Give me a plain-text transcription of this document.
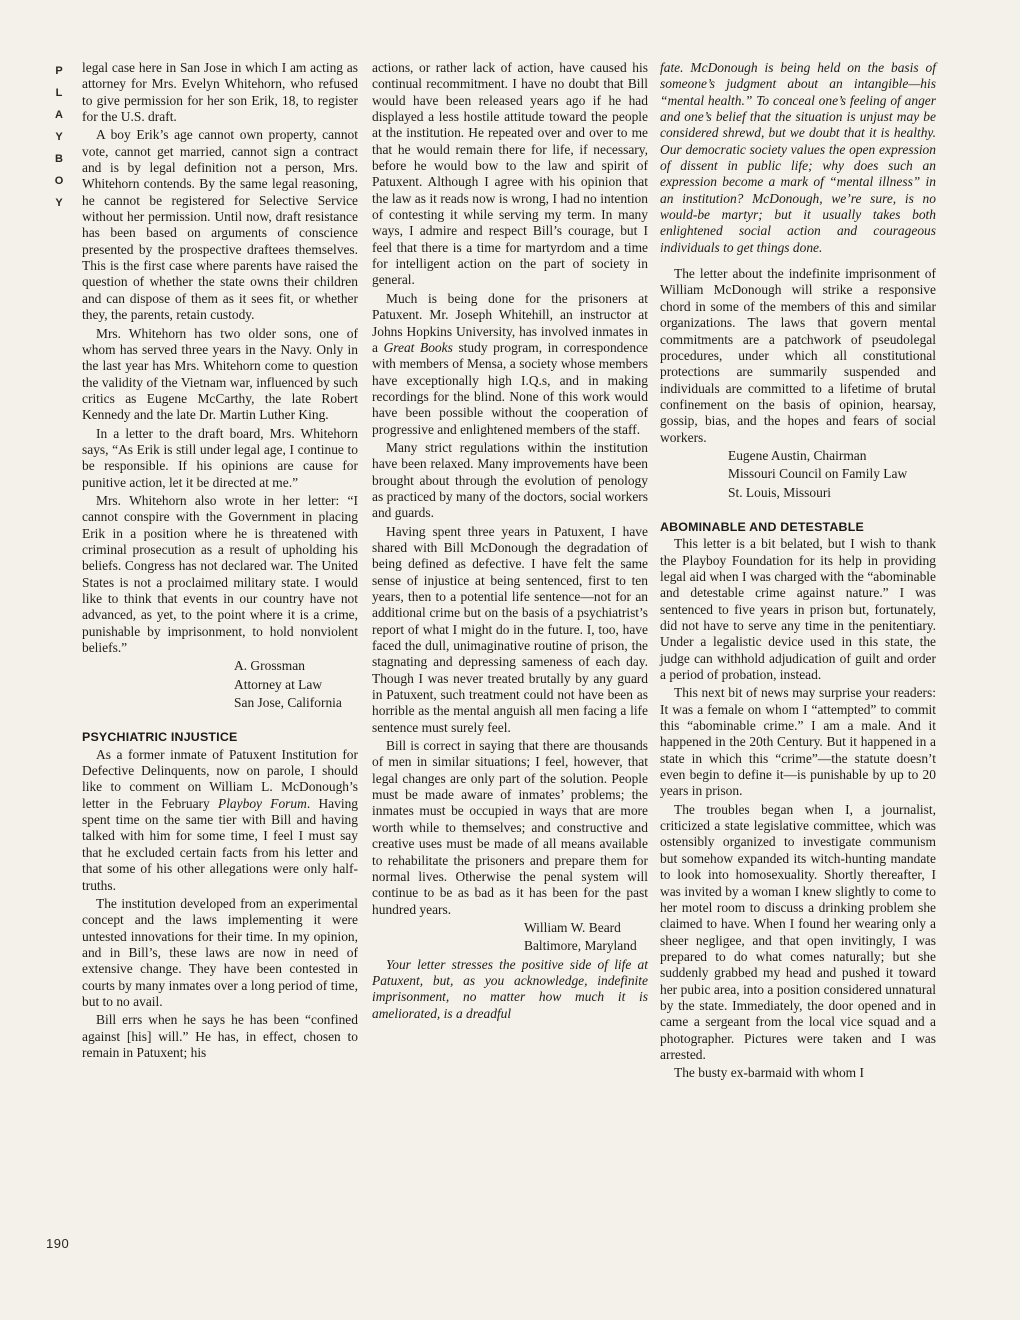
P
L
A
Y
B
O
Y
190

legal case here in San Jose in which I am acting as attorney for Mrs. Evelyn Whitehorn, who refused to give permission for her son Erik, 18, to register for the U.S. draft.

A boy Erik’s age cannot own property, cannot vote, cannot get married, cannot sign a contract and is by legal definition not a person, Mrs. Whitehorn contends. By the same legal reasoning, he cannot be registered for Selective Service without her permission. Until now, draft resistance has been based on arguments of conscience presented by the prospective draftees themselves. This is the first case where parents have raised the question of whether the state owns their children and can dispose of them as it sees fit, or whether they, the parents, retain custody.

Mrs. Whitehorn has two older sons, one of whom has served three years in the Navy. Only in the last year has Mrs. Whitehorn come to question the validity of the Vietnam war, influenced by such critics as Eugene McCarthy, the late Robert Kennedy and the late Dr. Martin Luther King.

In a letter to the draft board, Mrs. Whitehorn says, “As Erik is still under legal age, I continue to be responsible. If his opinions are cause for punitive action, let it be directed at me.”

Mrs. Whitehorn also wrote in her letter: “I cannot conspire with the Government in placing Erik in a position where he is threatened with criminal prosecution as a result of upholding his beliefs. Congress has not declared war. The United States is not a proclaimed military state. I would like to think that events in our country have not advanced, as yet, to the point where it is a crime, punishable by imprisonment, to hold nonviolent beliefs.”

A. Grossman

Attorney at Law

San Jose, California

PSYCHIATRIC INJUSTICE

As a former inmate of Patuxent Institution for Defective Delinquents, now on parole, I should like to comment on William L. McDonough’s letter in the February Playboy Forum. Having spent time on the same tier with Bill and having talked with him for some time, I feel I must say that he excluded certain facts from his letter and that some of his other allegations were only half-truths.

The institution developed from an experimental concept and the laws implementing it were untested innovations for their time. In my opinion, and in Bill’s, these laws are now in need of extensive change. They have been contested in courts by many inmates over a long period of time, but to no avail.

Bill errs when he says he has been “confined against [his] will.” He has, in effect, chosen to remain in Patuxent; his

actions, or rather lack of action, have caused his continual recommitment. I have no doubt that Bill would have been released years ago if he had displayed a less hostile attitude toward the people at the institution. He repeated over and over to me that he would remain there for life, if necessary, before he would bow to the law and spirit of Patuxent. Although I agree with his opinion that the law as it reads now is wrong, I had no intention of contesting it while serving my term. In many ways, I admire and respect Bill’s courage, but I feel that there is a time for martyrdom and a time for intelligent action on the part of society in general.

Much is being done for the prisoners at Patuxent. Mr. Joseph Whitehill, an instructor at Johns Hopkins University, has involved inmates in a Great Books study program, in correspondence with members of Mensa, a society whose members have exceptionally high I.Q.s, and in making recordings for the blind. None of this work would have been possible without the cooperation of progressive and enlightened members of the staff.

Many strict regulations within the institution have been relaxed. Many improvements have been brought about through the evolution of penology as practiced by many of the doctors, social workers and guards.

Having spent three years in Patuxent, I have shared with Bill McDonough the degradation of being defined as defective. I have felt the same sense of injustice at being sentenced, first to ten years, then to a potential life sentence—not for an additional crime but on the basis of a psychiatrist’s report of what I might do in the future. I, too, have faced the dull, unimaginative routine of prison, the stagnating and depressing sameness of each day. Though I was never treated brutally by any guard in Patuxent, such treatment could not have been as horrible as the mental anguish all men facing a life sentence must surely feel.

Bill is correct in saying that there are thousands of men in similar situations; I feel, however, that legal changes are only part of the solution. People must be made aware of inmates’ problems; the inmates must be occupied in ways that are more worth while to themselves; and constructive and creative uses must be made of all means available to rehabilitate the prisoners and prepare them for normal lives. Otherwise the penal system will continue to be as bad as it has been for the past hundred years.

William W. Beard

Baltimore, Maryland

Your letter stresses the positive side of life at Patuxent, but, as you acknowledge, indefinite imprisonment, no matter how much it is ameliorated, is a dreadful

fate. McDonough is being held on the basis of someone’s judgment about an intangible—his “mental health.” To conceal one’s feeling of anger and one’s belief that the situation is unjust may be considered shrewd, but we doubt that it is healthy. Our democratic society values the open expression of dissent in public life; why does such an expression become a mark of “mental illness” in an institution? McDonough, we’re sure, is no would-be martyr; but it usually takes both enlightened social action and courageous individuals to get things done.

The letter about the indefinite imprisonment of William McDonough will strike a responsive chord in some of the members of this and similar organizations. The laws that govern mental commitments are a patchwork of pseudolegal procedures, under which all constitutional protections are summarily suspended and individuals are committed to a lifetime of brutal confinement on the basis of opinion, hearsay, gossip, bias, and the hopes and fears of social workers.

Eugene Austin, Chairman

Missouri Council on Family Law

St. Louis, Missouri

ABOMINABLE AND DETESTABLE

This letter is a bit belated, but I wish to thank the Playboy Foundation for its help in providing legal aid when I was charged with the “abominable and detestable crime against nature.” I was sentenced to five years in prison but, fortunately, did not have to serve any time in the penitentiary. Under a legalistic device used in this state, the judge can withhold adjudication of guilt and order a period of probation, instead.

This next bit of news may surprise your readers: It was a female on whom I “attempted” to commit this “abominable crime.” I am a male. And it happened in the 20th Century. But it happened in a state in which this “crime”—the statute doesn’t even begin to define it—is punishable by up to 20 years in prison.

The troubles began when I, a journalist, criticized a state legislative committee, which was ostensibly organized to investigate communism but somehow expanded its witch-hunting mandate to look into homosexuality. Shortly thereafter, I was invited by a woman I knew slightly to come to her motel room to discuss a drinking problem she claimed to have. When I found her wearing only a sheer negligee, and that open invitingly, I was prepared to do what comes naturally; but she suddenly grabbed my head and pushed it toward her pubic area, into a position considered unnatural by the state. Immediately, the door opened and in came a sergeant from the local vice squad and a photographer. Pictures were taken and I was arrested.

The busty ex-barmaid with whom I
